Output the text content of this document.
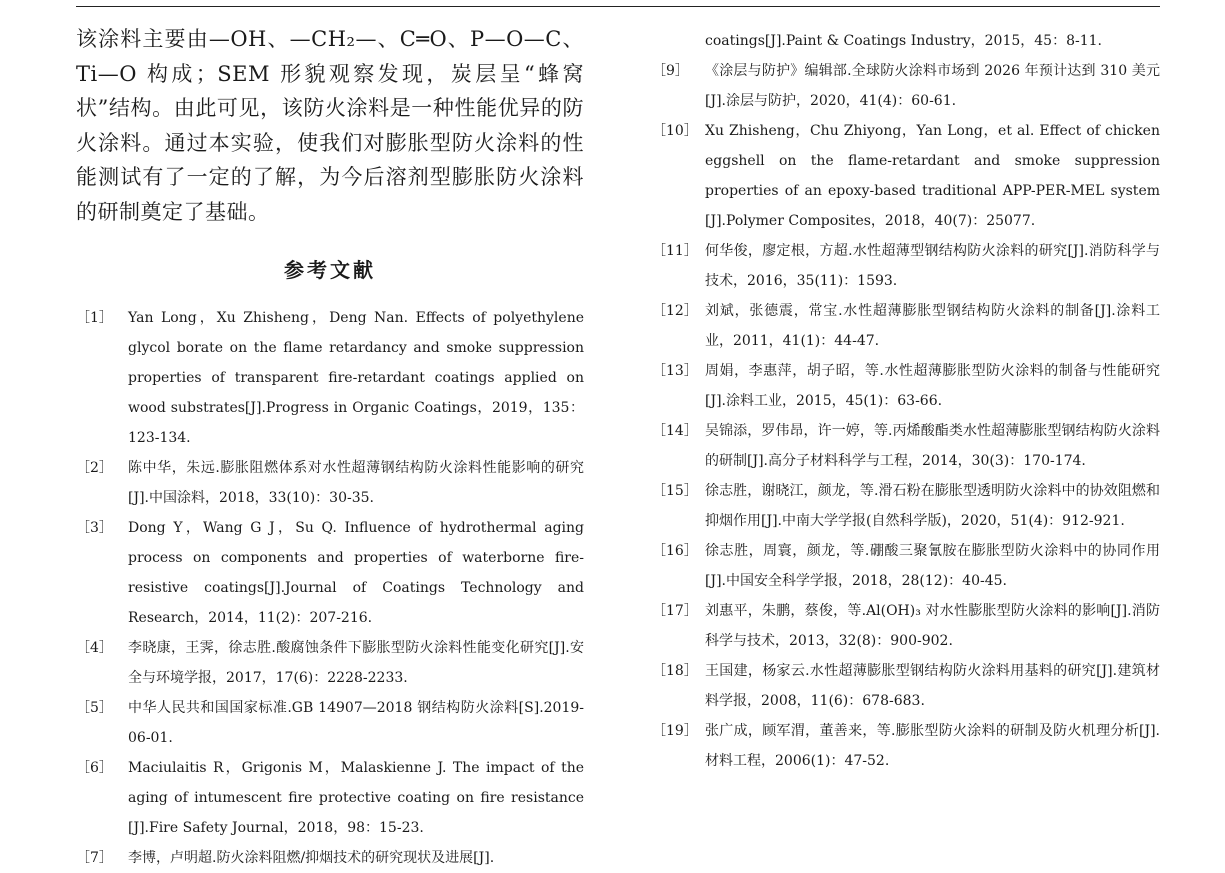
该涂料主要由—OH、—CH₂—、C═O、P—O—C、Ti—O 构成；SEM 形貌观察发现，炭层呈“蜂窝状”结构。由此可见，该防火涂料是一种性能优异的防火涂料。通过本实验，使我们对膨胀型防火涂料的性能测试有了一定的了解，为今后溶剂型膨胀防火涂料的研制奠定了基础。

参考文献
［1］	Yan Long，Xu Zhisheng，Deng Nan. Effects of polyethylene glycol borate on the flame retardancy and smoke suppression properties of transparent fire-retardant coatings applied on wood substrates[J].Progress in Organic Coatings，2019，135：123-134.
［2］	陈中华，朱远.膨胀阻燃体系对水性超薄钢结构防火涂料性能影响的研究[J].中国涂料，2018，33(10)：30-35.
［3］	Dong Y，Wang G J，Su Q. Influence of hydrothermal aging process on components and properties of waterborne fire-resistive coatings[J].Journal of Coatings Technology and Research，2014，11(2)：207-216.
［4］	李晓康，王霁，徐志胜.酸腐蚀条件下膨胀型防火涂料性能变化研究[J].安全与环境学报，2017，17(6)：2228-2233.
［5］	中华人民共和国国家标准.GB 14907—2018 钢结构防火涂料[S].2019-06-01.
［6］	Maciulaitis R，Grigonis M，Malaskienne J. The impact of the aging of intumescent fire protective coating on fire resistance [J].Fire Safety Journal，2018，98：15-23.
［7］	李博，卢明超.防火涂料阻燃/抑烟技术的研究现状及进展[J].
coatings[J].Paint & Coatings Industry，2015，45：8-11.
［9］	《涂层与防护》编辑部.全球防火涂料市场到 2026 年预计达到 310 美元[J].涂层与防护，2020，41(4)：60-61.
［10］ Xu Zhisheng，Chu Zhiyong，Yan Long，et al. Effect of chicken eggshell on the flame-retardant and smoke suppression properties of an epoxy-based traditional APP-PER-MEL system [J].Polymer Composites，2018，40(7)：25077.
［11］ 何华俊，廖定根，方超.水性超薄型钢结构防火涂料的研究[J].消防科学与技术，2016，35(11)：1593.
［12］ 刘斌，张德震，常宝.水性超薄膨胀型钢结构防火涂料的制备[J].涂料工业，2011，41(1)：44-47.
［13］ 周娟，李惠萍，胡子昭，等.水性超薄膨胀型防火涂料的制备与性能研究[J].涂料工业，2015，45(1)：63-66.
［14］ 吴锦添，罗伟昂，许一婷，等.丙烯酸酯类水性超薄膨胀型钢结构防火涂料的研制[J].高分子材料科学与工程，2014，30(3)：170-174.
［15］ 徐志胜，谢晓江，颜龙，等.滑石粉在膨胀型透明防火涂料中的协效阻燃和抑烟作用[J].中南大学学报(自然科学版)，2020，51(4)：912-921.
［16］ 徐志胜，周寰，颜龙，等.硼酸三聚氰胺在膨胀型防火涂料中的协同作用[J].中国安全科学学报，2018，28(12)：40-45.
［17］ 刘惠平，朱鹏，蔡俊，等.Al(OH)₃ 对水性膨胀型防火涂料的影响[J].消防科学与技术，2013，32(8)：900-902.
［18］ 王国建，杨家云.水性超薄膨胀型钢结构防火涂料用基料的研究[J].建筑材料学报，2008，11(6)：678-683.
［19］ 张广成，顾军渭，董善来，等.膨胀型防火涂料的研制及防火机理分析[J].材料工程，2006(1)：47-52.
